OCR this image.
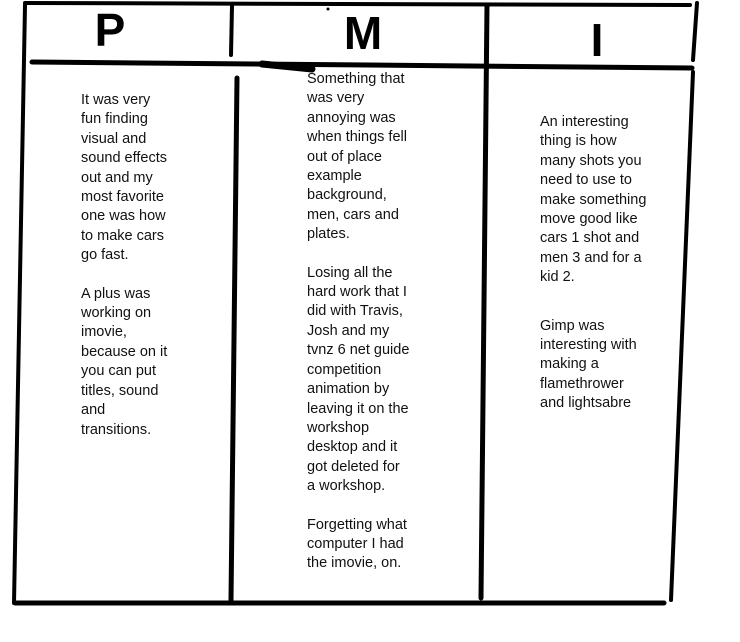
P	M	I

It was very
fun finding
visual and
sound effects
out and my
most favorite
one was how
to make cars
go fast.

A plus was
working on
imovie,
because on it
you can put
titles, sound
and
transitions.

Something that
was very
annoying was
when things fell
out of place
example
background,
men, cars and
plates.

Losing all the
hard work that I
did with Travis,
Josh and my
tvnz 6 net guide
competition
animation by
leaving it on the
workshop
desktop and it
got deleted for
a workshop.

Forgetting what
computer I had
the imovie, on.

An interesting
thing is how
many shots you
need to use to
make something
move good like
cars 1 shot and
men 3 and for a
kid 2.

Gimp was
interesting with
making a
flamethrower
and lightsabre
